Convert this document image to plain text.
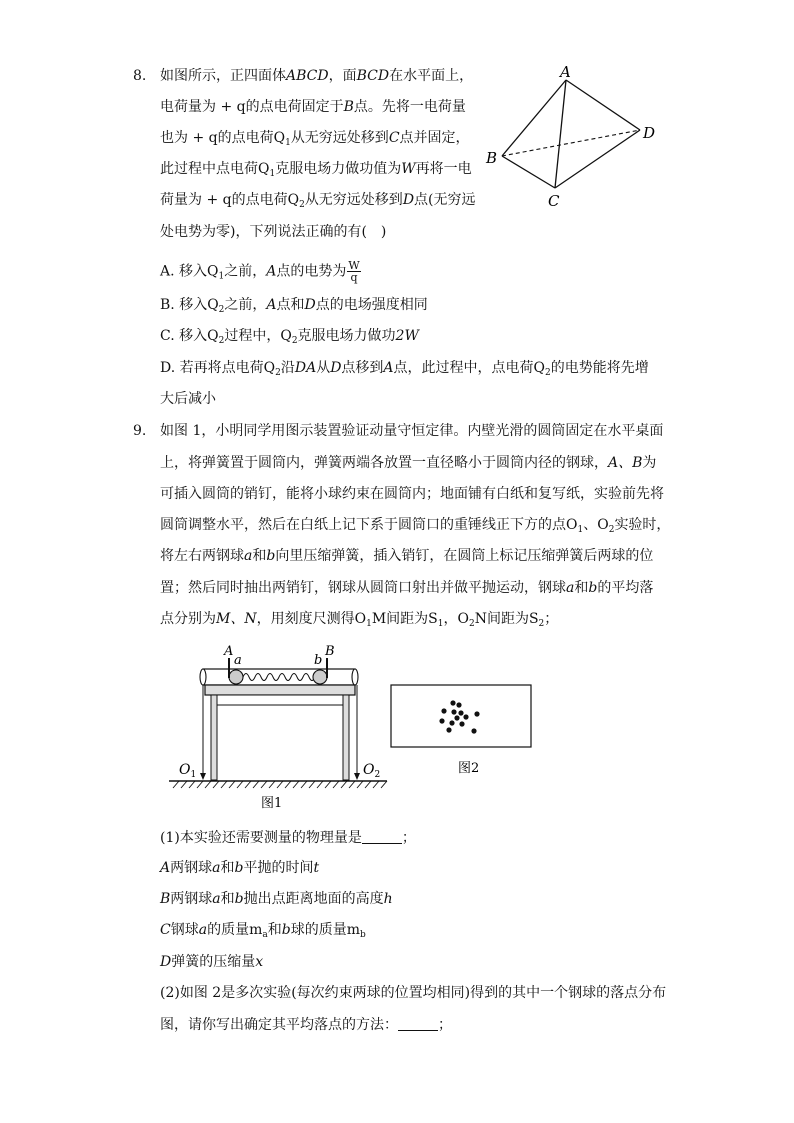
8. 如图所示，正四面体ABCD，面BCD在水平面上，
电荷量为 + q的点电荷固定于B点。先将一电荷量
也为 + q的点电荷$Q_1$从无穷远处移到C点并固定，
此过程中点电荷$Q_1$克服电场力做功值为W再将一电
荷量为 + q的点电荷$Q_2$从无穷远处移到D点(无穷远
处电势为零)，下列说法正确的有(　)
A. 移入$Q_1$之前，A点的电势为 $\frac{W}{q}$
B. 移入$Q_2$之前，A点和D点的电场强度相同
C. 移入$Q_2$过程中，$Q_2$克服电场力做功2W
D. 若再将点电荷$Q_2$沿DA从D点移到A点，此过程中，点电荷$Q_2$的电势能将先增
大后减小
A
B
C
D
9. 如图 1，小明同学用图示装置验证动量守恒定律。内壁光滑的圆筒固定在水平桌面
上，将弹簧置于圆筒内，弹簧两端各放置一直径略小于圆筒内径的钢球，A、B为
可插入圆筒的销钉，能将小球约束在圆筒内；地面铺有白纸和复写纸，实验前先将
圆筒调整水平，然后在白纸上记下系于圆筒口的重锤线正下方的点$O_1$、$O_2$实验时，
将左右两钢球a和b向里压缩弹簧，插入销钉，在圆筒上标记压缩弹簧后两球的位
置；然后同时抽出两销钉，钢球从圆筒口射出并做平抛运动，钢球a和b的平均落
点分别为M、N，用刻度尺测得$O_1M$间距为$S_1$，$O_2N$间距为$S_2$；
A
a	b
B
$O_1$	$O_2$
图1
图2
(1)本实验还需要测量的物理量是	；
A两钢球a和b平抛的时间t
B两钢球a和b抛出点距离地面的高度h
C钢球a的质量$m_a$和b球的质量$m_b$
D弹簧的压缩量x
(2)如图 2是多次实验(每次约束两球的位置均相同)得到的其中一个钢球的落点分布
图，请你写出确定其平均落点的方法：	；
